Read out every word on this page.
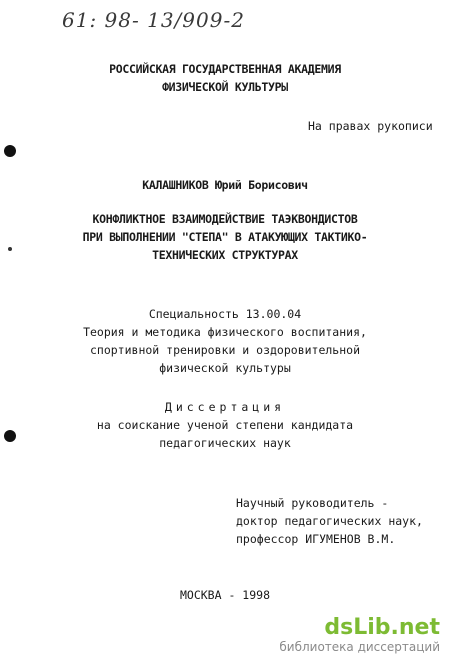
61: 98- 13/909-2
РОССИЙСКАЯ ГОСУДАРСТВЕННАЯ АКАДЕМИЯ
ФИЗИЧЕСКОЙ КУЛЬТУРЫ
На правах рукописи
КАЛАШНИКОВ Юрий Борисович
КОНФЛИКТНОЕ ВЗАИМОДЕЙСТВИЕ ТАЭКВОНДИСТОВ
ПРИ ВЫПОЛНЕНИИ "СТЕПА" В АТАКУЮЩИХ ТАКТИКО-
ТЕХНИЧЕСКИХ СТРУКТУРАХ
Специальность 13.00.04
Теория и методика физического воспитания,
спортивной тренировки и оздоровительной
физической культуры
Диссертация
на соискание ученой степени кандидата
педагогических наук
Научный руководитель -
доктор педагогических наук,
профессор ИГУМЕНОВ В.М.
МОСКВА - 1998
dsLib.net
библиотека диссертаций
